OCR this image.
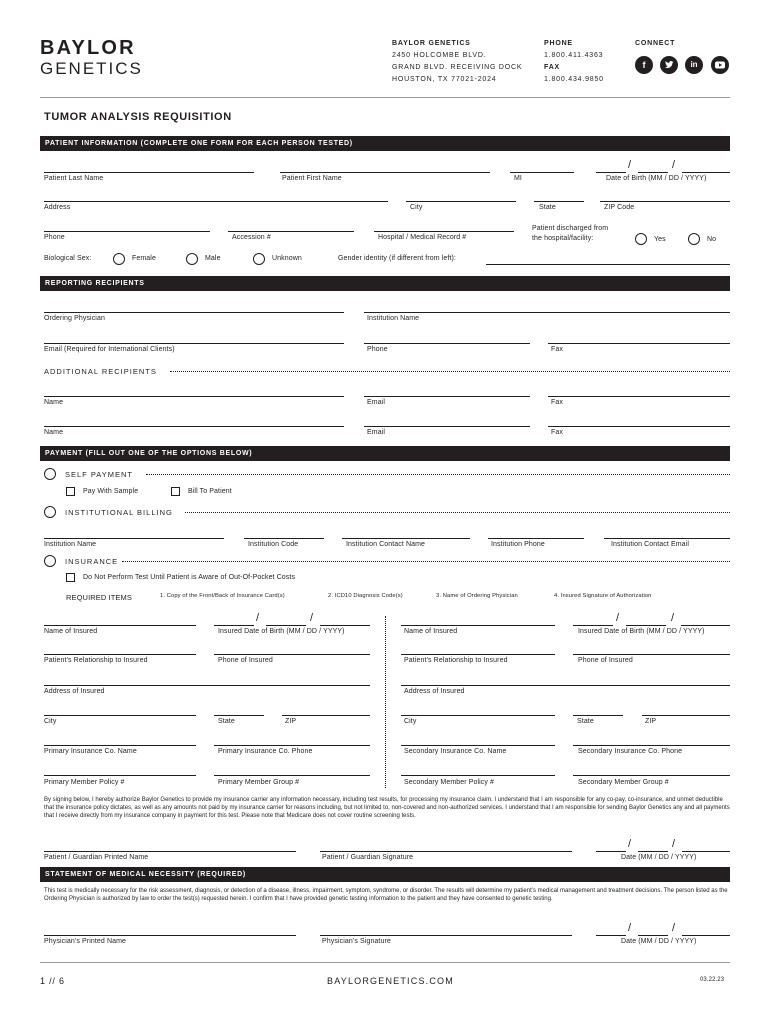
BAYLOR
GENETICS
BAYLOR GENETICS
2450 HOLCOMBE BLVD.
GRAND BLVD. RECEIVING DOCK
HOUSTON, TX 77021-2024
PHONE
1.800.411.4363
FAX
1.800.434.9850
CONNECT
f	in
TUMOR ANALYSIS REQUISITION
PATIENT INFORMATION (COMPLETE ONE FORM FOR EACH PERSON TESTED)
/	/
Patient Last Name	Patient First Name	MI	Date of Birth (MM / DD / YYYY)
Address	City	State	ZIP Code
Phone	Accession #	Hospital / Medical Record #
Patient discharged from
the hospital/facility:	Yes	No
Biological Sex:	Female	Male	Unknown	Gender identity (if different from left):
REPORTING RECIPIENTS
Ordering Physician	Institution Name
Email (Required for International Clients)	Phone	Fax
ADDITIONAL RECIPIENTS
Name	Email	Fax
Name	Email	Fax
PAYMENT (FILL OUT ONE OF THE OPTIONS BELOW)
SELF PAYMENT
Pay With Sample	Bill To Patient
INSTITUTIONAL BILLING
Institution Name	Institution Code	Institution Contact Name	Institution Phone	Institution Contact Email
INSURANCE
Do Not Perform Test Until Patient is Aware of Out-Of-Pocket Costs
REQUIRED ITEMS	1. Copy of the Front/Back of Insurance Card(s)	2. ICD10 Diagnosis Code(s)	3. Name of Ordering Physician	4. Insured Signature of Authorization
/	/
Name of Insured	Insured Date of Birth (MM / DD / YYYY)
/	/
Name of Insured	Insured Date of Birth (MM / DD / YYYY)
Patient’s Relationship to Insured	Phone of Insured	Patient’s Relationship to Insured	Phone of Insured
Address of Insured	Address of Insured
City	State	ZIP	City	State	ZIP
Primary Insurance Co. Name	Primary Insurance Co. Phone	Secondary Insurance Co. Name	Secondary Insurance Co. Phone
Primary Member Policy #	Primary Member Group #	Secondary Member Policy #	Secondary Member Group #
By signing below, I hereby authorize Baylor Genetics to provide my insurance carrier any information necessary, including test results, for processing my insurance claim. I understand that I am responsible for any co-pay, co-insurance, and unmet deductible that the insurance policy dictates, as well as any amounts not paid by my insurance carrier for reasons including, but not limited to, non-covered and non-authorized services. I understand that I am responsible for sending Baylor Genetics any and all payments that I receive directly from my insurance company in payment for this test. Please note that Medicare does not cover routine screening tests.
/	/
Patient / Guardian Printed Name	Patient / Guardian Signature	Date (MM / DD / YYYY)
STATEMENT OF MEDICAL NECESSITY (REQUIRED)
This test is medically necessary for the risk assessment, diagnosis, or detection of a disease, illness, impairment, symptom, syndrome, or disorder. The results will determine my patient’s medical management and treatment decisions. The person listed as the Ordering Physician is authorized by law to order the test(s) requested herein. I confirm that I have provided genetic testing information to the patient and they have consented to genetic testing.
/	/
Physician’s Printed Name	Physician’s Signature	Date (MM / DD / YYYY)
1 // 6	BAYLORGENETICS.COM	03.22.23
